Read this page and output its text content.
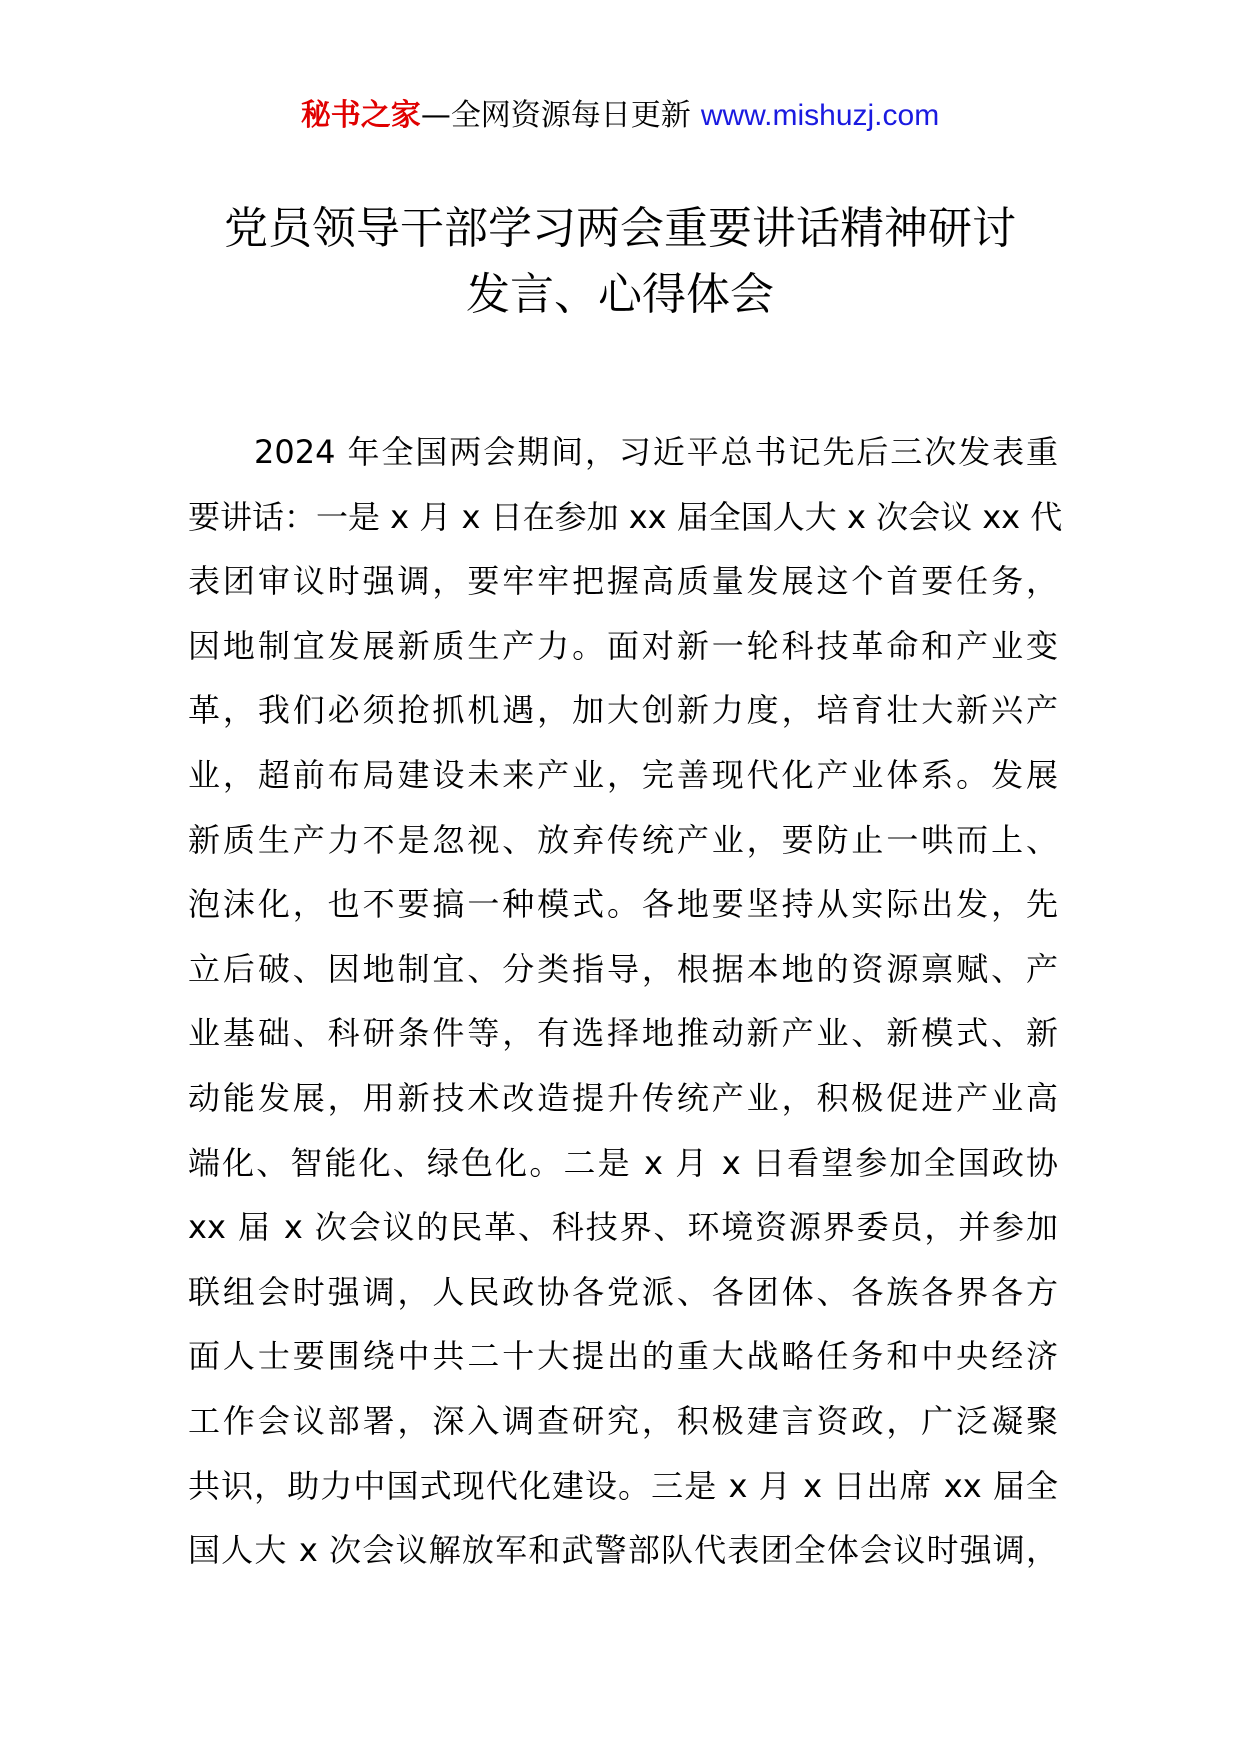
秘书之家—全网资源每日更新 www.mishuzj.com
党员领导干部学习两会重要讲话精神研讨
发言、心得体会
2024 年全国两会期间，习近平总书记先后三次发表重
要讲话：一是 x 月 x 日在参加 xx 届全国人大 x 次会议 xx 代
表团审议时强调，要牢牢把握高质量发展这个首要任务，
因地制宜发展新质生产力。面对新一轮科技革命和产业变
革，我们必须抢抓机遇，加大创新力度，培育壮大新兴产
业，超前布局建设未来产业，完善现代化产业体系。发展
新质生产力不是忽视、放弃传统产业，要防止一哄而上、
泡沫化，也不要搞一种模式。各地要坚持从实际出发，先
立后破、因地制宜、分类指导，根据本地的资源禀赋、产
业基础、科研条件等，有选择地推动新产业、新模式、新
动能发展，用新技术改造提升传统产业，积极促进产业高
端化、智能化、绿色化。二是 x 月 x 日看望参加全国政协
xx 届 x 次会议的民革、科技界、环境资源界委员，并参加
联组会时强调，人民政协各党派、各团体、各族各界各方
面人士要围绕中共二十大提出的重大战略任务和中央经济
工作会议部署，深入调查研究，积极建言资政，广泛凝聚
共识，助力中国式现代化建设。三是 x 月 x 日出席 xx 届全
国人大 x 次会议解放军和武警部队代表团全体会议时强调，
